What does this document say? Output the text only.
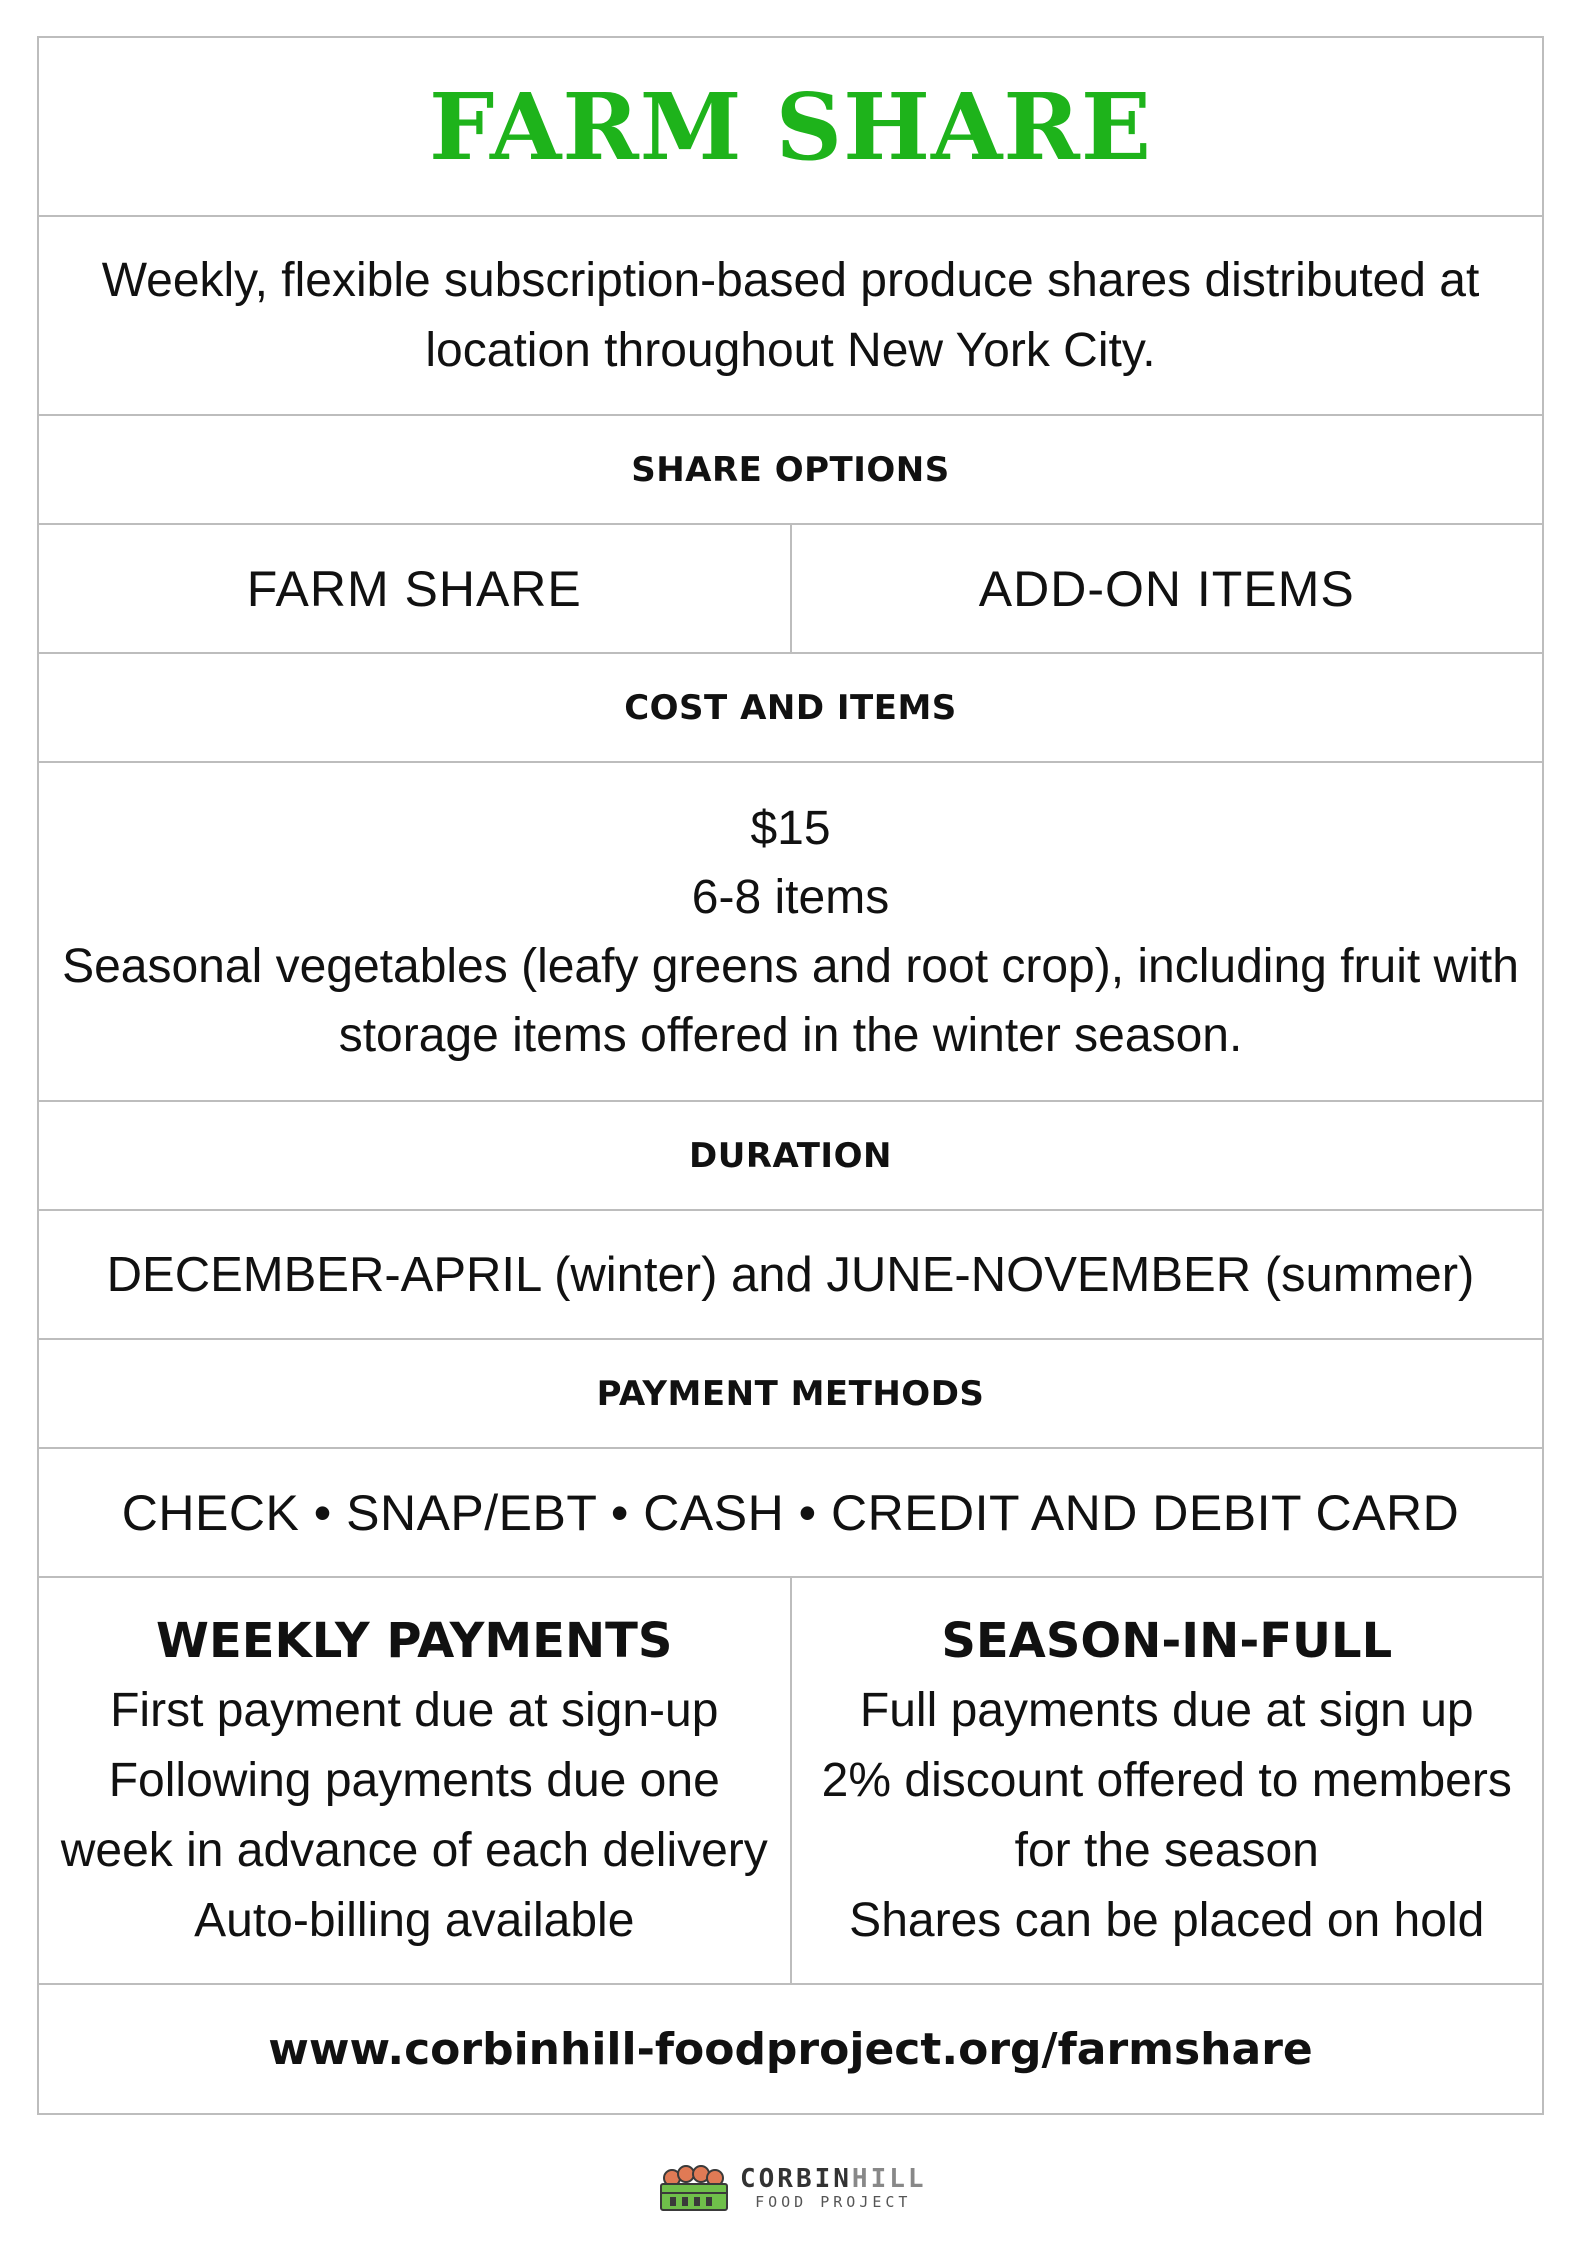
FARM SHARE
Weekly, flexible subscription-based produce shares distributed at location throughout New York City.
SHARE OPTIONS
FARM SHARE	ADD-ON ITEMS
COST AND ITEMS
$15
6-8 items
Seasonal vegetables (leafy greens and root crop), including fruit with
storage items offered in the winter season.
DURATION
DECEMBER-APRIL (winter) and JUNE-NOVEMBER (summer)
PAYMENT METHODS
CHECK • SNAP/EBT • CASH • CREDIT AND DEBIT CARD
WEEKLY PAYMENTS
First payment due at sign-up
Following payments due one
week in advance of each delivery
Auto-billing available
SEASON-IN-FULL
Full payments due at sign up
2% discount offered to members
for the season
Shares can be placed on hold
www.corbinhill-foodproject.org/farmshare
CORBINHILL
FOOD PROJECT
